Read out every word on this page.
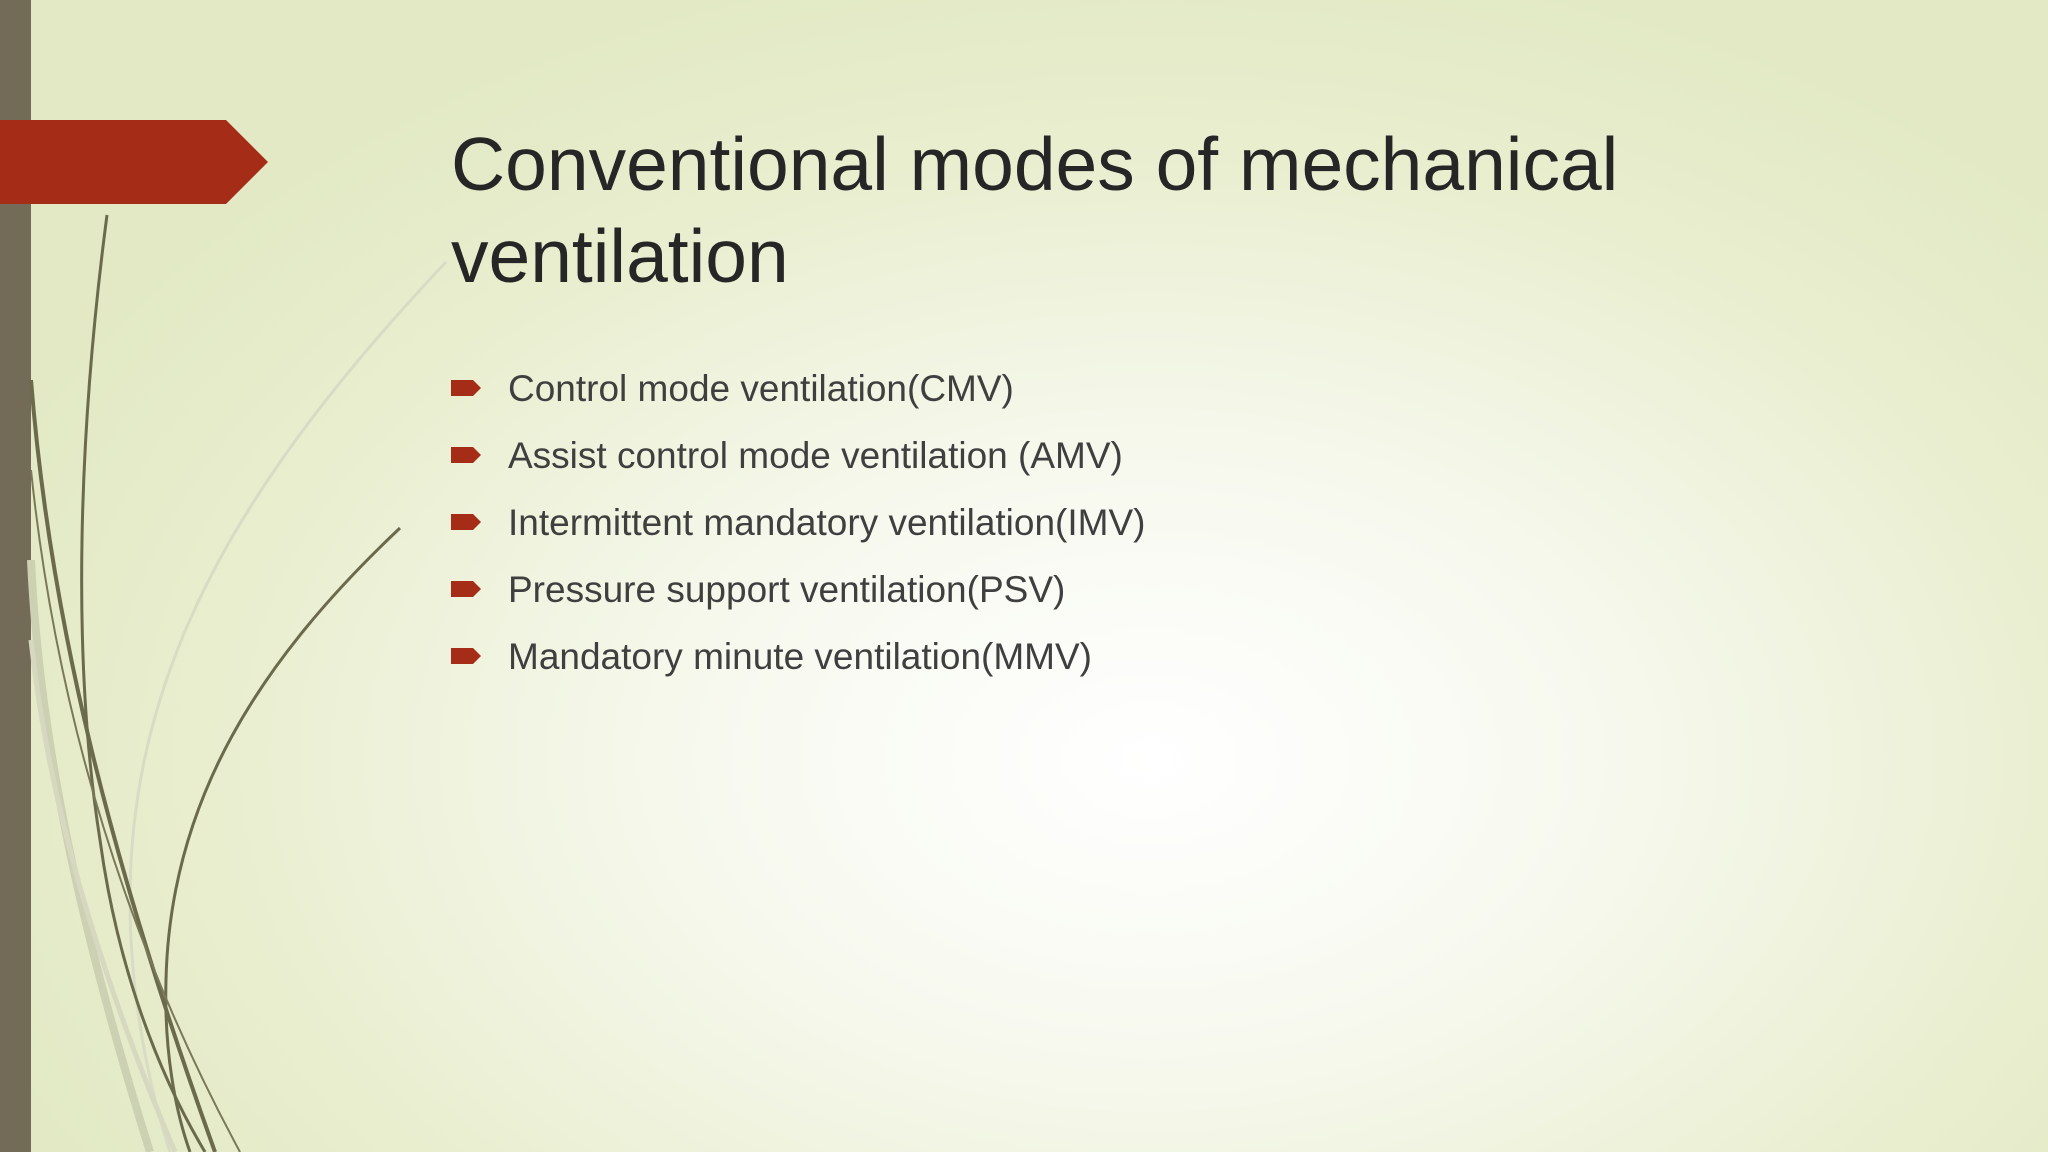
Conventional modes of mechanical ventilation
Control mode ventilation(CMV)
Assist control mode ventilation (AMV)
Intermittent mandatory ventilation(IMV)
Pressure support ventilation(PSV)
Mandatory minute ventilation(MMV)
